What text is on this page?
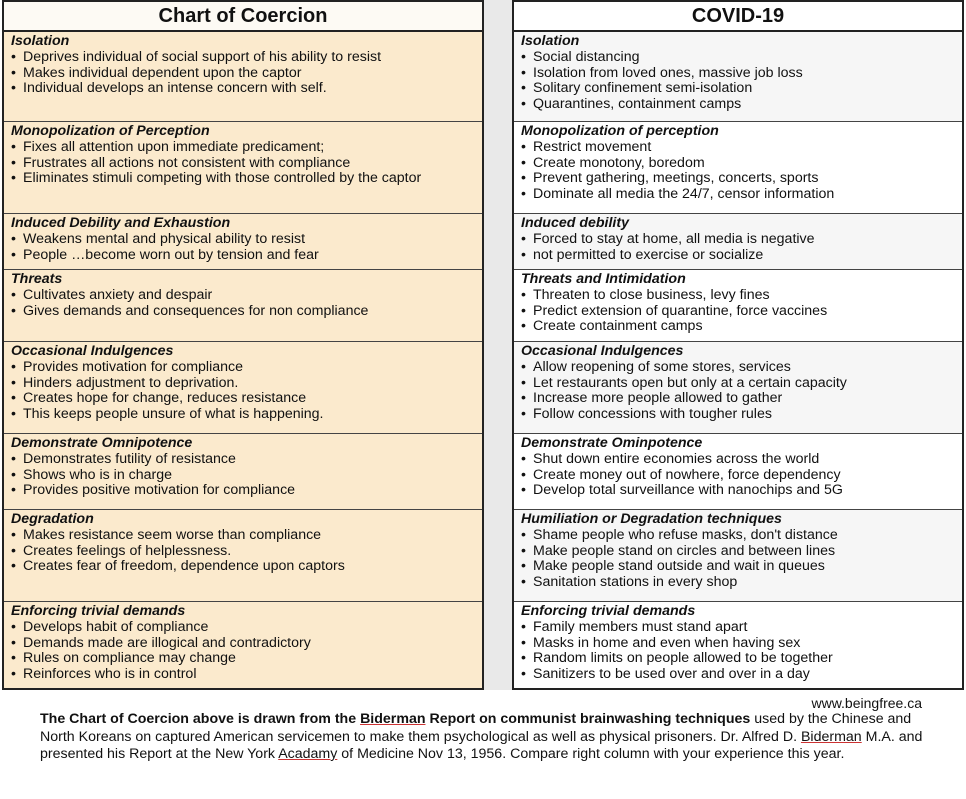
Chart of Coercion
Isolation
• Deprives individual of social support of his ability to resist
• Makes individual dependent upon the captor
• Individual develops an intense concern with self.
Monopolization of Perception
• Fixes all attention upon immediate predicament;
• Frustrates all actions not consistent with compliance
• Eliminates stimuli competing with those controlled by the captor
Induced Debility and Exhaustion
• Weakens mental and physical ability to resist
• People …become worn out by tension and fear
Threats
• Cultivates anxiety and despair
• Gives demands and consequences for non compliance
Occasional Indulgences
• Provides motivation for compliance
• Hinders adjustment to deprivation.
• Creates hope for change, reduces resistance
• This keeps people unsure of what is happening.
Demonstrate Omnipotence
• Demonstrates futility of resistance
• Shows who is in charge
• Provides positive motivation for compliance
Degradation
• Makes resistance seem worse than compliance
• Creates feelings of helplessness.
• Creates fear of freedom, dependence upon captors
Enforcing trivial demands
• Develops habit of compliance
• Demands made are illogical and contradictory
• Rules on compliance may change
• Reinforces who is in control
COVID-19
Isolation
• Social distancing
• Isolation from loved ones, massive job loss
• Solitary confinement semi-isolation
• Quarantines, containment camps
Monopolization of perception
• Restrict movement
• Create monotony, boredom
• Prevent gathering, meetings, concerts, sports
• Dominate all media the 24/7, censor information
Induced debility
• Forced to stay at home, all media is negative
• not permitted to exercise or socialize
Threats and Intimidation
• Threaten to close business, levy fines
• Predict extension of quarantine, force vaccines
• Create containment camps
Occasional Indulgences
• Allow reopening of some stores, services
• Let restaurants open but only at a certain capacity
• Increase more people allowed to gather
• Follow concessions with tougher rules
Demonstrate Ominpotence
• Shut down entire economies across the world
• Create money out of nowhere, force dependency
• Develop total surveillance with nanochips and 5G
Humiliation or Degradation techniques
• Shame people who refuse masks, don't distance
• Make people stand on circles and between lines
• Make people stand outside and wait in queues
• Sanitation stations in every shop
Enforcing trivial demands
• Family members must stand apart
• Masks in home and even when having sex
• Random limits on people allowed to be together
• Sanitizers to be used over and over in a day
www.beingfree.ca
The Chart of Coercion above is drawn from the Biderman Report on communist brainwashing techniques used by the Chinese and North Koreans on captured American servicemen to make them psychological as well as physical prisoners. Dr. Alfred D. Biderman M.A. and presented his Report at the New York Acadamy of Medicine Nov 13, 1956. Compare right column with your experience this year.
